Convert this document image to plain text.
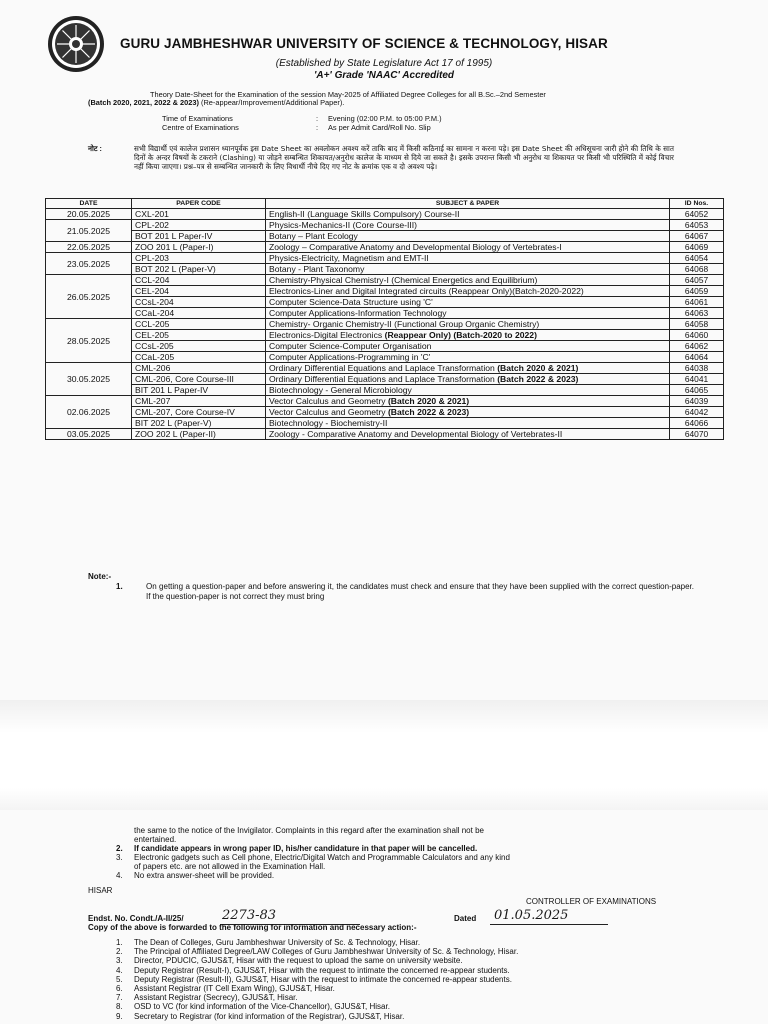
GURU JAMBHESHWAR UNIVERSITY OF SCIENCE & TECHNOLOGY, HISAR
(Established by State Legislature Act 17 of 1995)
'A+' Grade 'NAAC' Accredited
Theory Date-Sheet for the Examination of the session May-2025 of Affiliated Degree Colleges for all B.Sc.–2nd Semester
(Batch 2020, 2021, 2022 & 2023) (Re-appear/Improvement/Additional Paper).
Time of Examinations	: Evening (02:00 P.M. to 05:00 P.M.)
Centre of Examinations	: As per Admit Card/Roll No. Slip
नोट :	सभी विद्यार्थी एवं कालेज प्रशासन ध्यानपूर्वक इस Date Sheet का अवलोकन अवश्य करें ताकि बाद में किसी कठिनाई का सामना न करना पड़े। इस Date Sheet की अधिसूचना जारी होने की तिथि के सात दिनों के अन्दर विषयों के टकराने (Clashing) या जोड़ने सम्बन्धित शिकायत/अनुरोध कालेज के माध्यम से दिये जा सकते है। इसके उपरान्त किसी भी अनुरोध या शिकायत पर किसी भी परिस्थिति में कोई विचार नहीं किया जाएगा। प्रश्न–पत्र से सम्बन्धित जानकारी के लिए विधार्थी नीचे दिए गए नोट के क्रमांक एक व दो अवश्य पढ़े।
DATE	PAPER CODE	SUBJECT & PAPER	ID Nos.
20.05.2025	CXL-201	English-II (Language Skills Compulsory) Course-II	64052
21.05.2025	CPL-202	Physics-Mechanics-II (Core Course-III)	64053
	BOT 201 L Paper-IV	Botany – Plant Ecology	64067
22.05.2025	ZOO 201 L (Paper-I)	Zoology – Comparative Anatomy and Developmental Biology of Vertebrates-I	64069
23.05.2025	CPL-203	Physics-Electricity, Magnetism and EMT-II	64054
	BOT 202 L (Paper-V)	Botany - Plant Taxonomy	64068
26.05.2025	CCL-204	Chemistry-Physical Chemistry-I (Chemical Energetics and Equilibrium)	64057
	CEL-204	Electronics-Liner and Digital Integrated circuits (Reappear Only)(Batch-2020-2022)	64059
	CCsL-204	Computer Science-Data Structure using 'C'	64061
	CCaL-204	Computer Applications-Information Technology	64063
28.05.2025	CCL-205	Chemistry- Organic Chemistry-II (Functional Group Organic Chemistry)	64058
	CEL-205	Electronics-Digital Electronics (Reappear Only) (Batch-2020 to 2022)	64060
	CCsL-205	Computer Science-Computer Organisation	64062
	CCaL-205	Computer Applications-Programming in 'C'	64064
30.05.2025	CML-206	Ordinary Differential Equations and Laplace Transformation (Batch 2020 & 2021)	64038
	CML-206, Core Course-III	Ordinary Differential Equations and Laplace Transformation (Batch 2022 & 2023)	64041
	BIT 201 L Paper-IV	Biotechnology - General Microbiology	64065
02.06.2025	CML-207	Vector Calculus and Geometry (Batch 2020 & 2021)	64039
	CML-207, Core Course-IV	Vector Calculus and Geometry (Batch 2022 & 2023)	64042
	BIT 202 L (Paper-V)	Biotechnology - Biochemistry-II	64066
03.05.2025	ZOO 202 L (Paper-II)	Zoology - Comparative Anatomy and Developmental Biology of Vertebrates-II	64070
Note:-
1.	On getting a question-paper and before answering it, the candidates must check and ensure that they have been supplied with the correct question-paper. If the question-paper is not correct they must bring
the same to the notice of the Invigilator. Complaints in this regard after the examination shall not be
entertained.
2. If candidate appears in wrong paper ID, his/her candidature in that paper will be cancelled.
3. Electronic gadgets such as Cell phone, Electric/Digital Watch and Programmable Calculators and any kind
of papers etc. are not allowed in the Examination Hall.
4. No extra answer-sheet will be provided.
HISAR
CONTROLLER OF EXAMINATIONS
Endst. No. Condt./A-II/25/	2273-83	Dated 01.05.2025
Copy of the above is forwarded to the following for information and necessary action:-
1. The Dean of Colleges, Guru Jambheshwar University of Sc. & Technology, Hisar.
2. The Principal of Affiliated Degree/LAW Colleges of Guru Jambheshwar University of Sc. & Technology, Hisar.
3. Director, PDUCIC, GJUS&T, Hisar with the request to upload the same on university website.
4. Deputy Registrar (Result-I), GJUS&T, Hisar with the request to intimate the concerned re-appear students.
5. Deputy Registrar (Result-II), GJUS&T, Hisar with the request to intimate the concerned re-appear students.
6. Assistant Registrar (IT Cell Exam Wing), GJUS&T, Hisar.
7. Assistant Registrar (Secrecy), GJUS&T, Hisar.
8. OSD to VC (for kind information of the Vice-Chancellor), GJUS&T, Hisar.
9. Secretary to Registrar (for kind information of the Registrar), GJUS&T, Hisar.
